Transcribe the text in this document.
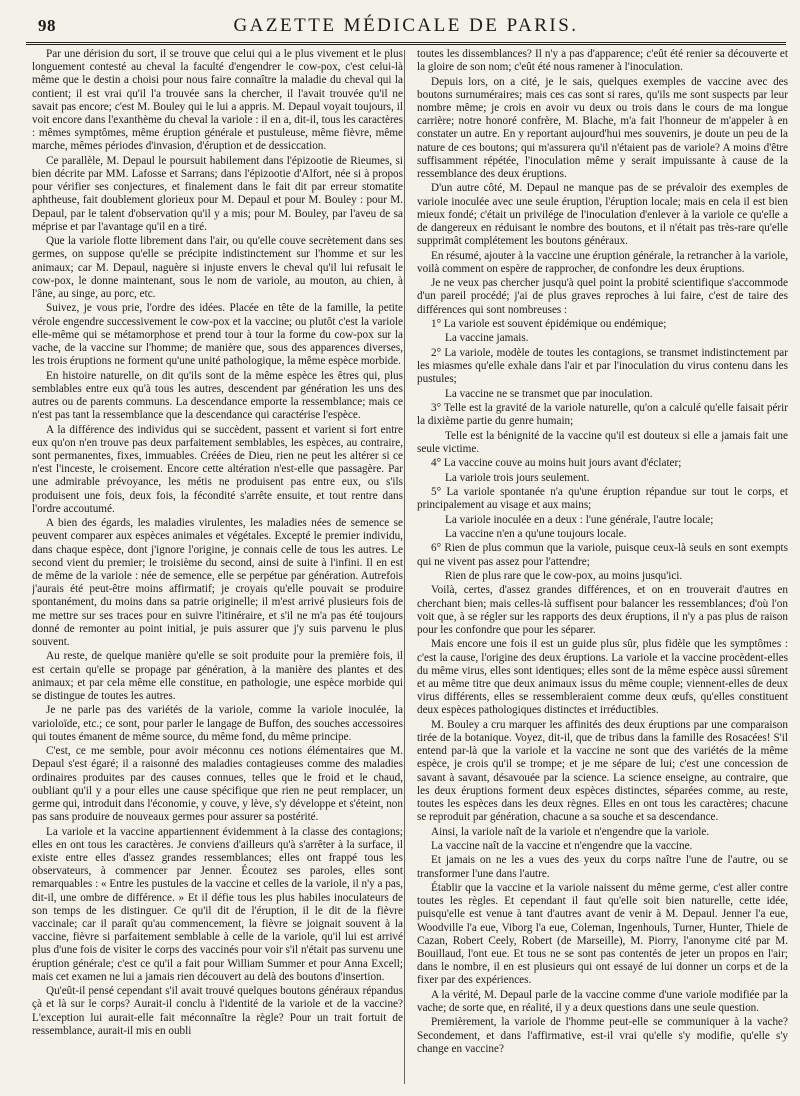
98	GAZETTE MÉDICALE DE PARIS.

Par une dérision du sort, il se trouve que celui qui a le plus vivement et le plus longuement contesté au cheval la faculté d'engendrer le cow-pox, c'est celui-là même que le destin a choisi pour nous faire connaître la maladie du cheval qui la contient; il est vrai qu'il l'a trouvée sans la chercher, il l'avait trouvée qu'il ne savait pas encore; c'est M. Bouley qui le lui a appris. M. Depaul voyait toujours, il voit encore dans l'exanthème du cheval la variole : il en a, dit-il, tous les caractères : mêmes symptômes, même éruption générale et pustuleuse, même fièvre, même marche, mêmes périodes d'invasion, d'éruption et de dessiccation.

Ce parallèle, M. Depaul le poursuit habilement dans l'épizootie de Rieumes, si bien décrite par MM. Lafosse et Sarrans; dans l'épizootie d'Alfort, née si à propos pour vérifier ses conjectures, et finalement dans le fait dit par erreur stomatite aphtheuse, fait doublement glorieux pour M. Depaul et pour M. Bouley : pour M. Depaul, par le talent d'observation qu'il y a mis; pour M. Bouley, par l'aveu de sa méprise et par l'avantage qu'il en a tiré.

Que la variole flotte librement dans l'air, ou qu'elle couve secrètement dans ses germes, on suppose qu'elle se précipite indistinctement sur l'homme et sur les animaux; car M. Depaul, naguère si injuste envers le cheval qu'il lui refusait le cow-pox, le donne maintenant, sous le nom de variole, au mouton, au chien, à l'âne, au singe, au porc, etc.

Suivez, je vous prie, l'ordre des idées. Placée en tête de la famille, la petite vérole engendre successivement le cow-pox et la vaccine; ou plutôt c'est la variole elle-même qui se métamorphose et prend tour à tour la forme du cow-pox sur la vache, de la vaccine sur l'homme; de manière que, sous des apparences diverses, les trois éruptions ne forment qu'une unité pathologique, la même espèce morbide.

En histoire naturelle, on dit qu'ils sont de la même espèce les êtres qui, plus semblables entre eux qu'à tous les autres, descendent par génération les uns des autres ou de parents communs. La descendance emporte la ressemblance; mais ce n'est pas tant la ressemblance que la descendance qui caractérise l'espèce.

A la différence des individus qui se succèdent, passent et varient si fort entre eux qu'on n'en trouve pas deux parfaitement semblables, les espèces, au contraire, sont permanentes, fixes, immuables. Créées de Dieu, rien ne peut les altérer si ce n'est l'inceste, le croisement. Encore cette altération n'est-elle que passagère. Par une admirable prévoyance, les métis ne produisent pas entre eux, ou s'ils produisent une fois, deux fois, la fécondité s'arrête ensuite, et tout rentre dans l'ordre accoutumé.

A bien des égards, les maladies virulentes, les maladies nées de semence se peuvent comparer aux espèces animales et végétales. Excepté le premier individu, dans chaque espèce, dont j'ignore l'origine, je connais celle de tous les autres. Le second vient du premier; le troisième du second, ainsi de suite à l'infini. Il en est de même de la variole : née de semence, elle se perpétue par génération. Autrefois j'aurais été peut-être moins affirmatif; je croyais qu'elle pouvait se produire spontanément, du moins dans sa patrie originelle; il m'est arrivé plusieurs fois de me mettre sur ses traces pour en suivre l'itinéraire, et s'il ne m'a pas été toujours donné de remonter au point initial, je puis assurer que j'y suis parvenu le plus souvent.

Au reste, de quelque manière qu'elle se soit produite pour la première fois, il est certain qu'elle se propage par génération, à la manière des plantes et des animaux; et par cela même elle constitue, en pathologie, une espèce morbide qui se distingue de toutes les autres.

Je ne parle pas des variétés de la variole, comme la variole inoculée, la varioloïde, etc.; ce sont, pour parler le langage de Buffon, des souches accessoires qui toutes émanent de même source, du même fond, du même principe.

C'est, ce me semble, pour avoir méconnu ces notions élémentaires que M. Depaul s'est égaré; il a raisonné des maladies contagieuses comme des maladies ordinaires produites par des causes connues, telles que le froid et le chaud, oubliant qu'il y a pour elles une cause spécifique que rien ne peut remplacer, un germe qui, introduit dans l'économie, y couve, y lève, s'y développe et s'éteint, non pas sans produire de nouveaux germes pour assurer sa postérité.

La variole et la vaccine appartiennent évidemment à la classe des contagions; elles en ont tous les caractères. Je conviens d'ailleurs qu'à s'arrêter à la surface, il existe entre elles d'assez grandes ressemblances; elles ont frappé tous les observateurs, à commencer par Jenner. Écoutez ses paroles, elles sont remarquables : « Entre les pustules de la vaccine et celles de la variole, il n'y a pas, dit-il, une ombre de différence. » Et il défie tous les plus habiles inoculateurs de son temps de les distinguer. Ce qu'il dit de l'éruption, il le dit de la fièvre vaccinale; car il paraît qu'au commencement, la fièvre se joignait souvent à la vaccine, fièvre si parfaitement semblable à celle de la variole, qu'il lui est arrivé plus d'une fois de visiter le corps des vaccinés pour voir s'il n'était pas survenu une éruption générale; c'est ce qu'il a fait pour William Summer et pour Anna Excell; mais cet examen ne lui a jamais rien découvert au delà des boutons d'insertion.

Qu'eût-il pensé cependant s'il avait trouvé quelques boutons généraux répandus çà et là sur le corps? Aurait-il conclu à l'identité de la variole et de la vaccine? L'exception lui aurait-elle fait méconnaître la règle? Pour un trait fortuit de ressemblance, aurait-il mis en oubli

toutes les dissemblances? Il n'y a pas d'apparence; c'eût été renier sa découverte et la gloire de son nom; c'eût été nous ramener à l'inoculation.

Depuis lors, on a cité, je le sais, quelques exemples de vaccine avec des boutons surnuméraires; mais ces cas sont si rares, qu'ils me sont suspects par leur nombre même; je crois en avoir vu deux ou trois dans le cours de ma longue carrière; notre honoré confrère, M. Blache, m'a fait l'honneur de m'appeler à en constater un autre. En y reportant aujourd'hui mes souvenirs, je doute un peu de la nature de ces boutons; qui m'assurera qu'il n'étaient pas de variole? A moins d'être suffisamment répétée, l'inoculation même y serait impuissante à cause de la ressemblance des deux éruptions.

D'un autre côté, M. Depaul ne manque pas de se prévaloir des exemples de variole inoculée avec une seule éruption, l'éruption locale; mais en cela il est bien mieux fondé; c'était un privilége de l'inoculation d'enlever à la variole ce qu'elle a de dangereux en réduisant le nombre des boutons, et il n'était pas très-rare qu'elle supprimât complétement les boutons généraux.

En résumé, ajouter à la vaccine une éruption générale, la retrancher à la variole, voilà comment on espère de rapprocher, de confondre les deux éruptions.

Je ne veux pas chercher jusqu'à quel point la probité scientifique s'accommode d'un pareil procédé; j'ai de plus graves reproches à lui faire, c'est de taire des différences qui sont nombreuses :

1° La variole est souvent épidémique ou endémique;

La vaccine jamais.

2° La variole, modèle de toutes les contagions, se transmet indistinctement par les miasmes qu'elle exhale dans l'air et par l'inoculation du virus contenu dans les pustules;

La vaccine ne se transmet que par inoculation.

3° Telle est la gravité de la variole naturelle, qu'on a calculé qu'elle faisait périr la dixième partie du genre humain;

Telle est la bénignité de la vaccine qu'il est douteux si elle a jamais fait une seule victime.

4° La vaccine couve au moins huit jours avant d'éclater;

La variole trois jours seulement.

5° La variole spontanée n'a qu'une éruption répandue sur tout le corps, et principalement au visage et aux mains;

La variole inoculée en a deux : l'une générale, l'autre locale;

La vaccine n'en a qu'une toujours locale.

6° Rien de plus commun que la variole, puisque ceux-là seuls en sont exempts qui ne vivent pas assez pour l'attendre;

Rien de plus rare que le cow-pox, au moins jusqu'ici.

Voilà, certes, d'assez grandes différences, et on en trouverait d'autres en cherchant bien; mais celles-là suffisent pour balancer les ressemblances; d'où l'on voit que, à se régler sur les rapports des deux éruptions, il n'y a pas plus de raison pour les confondre que pour les séparer.

Mais encore une fois il est un guide plus sûr, plus fidèle que les symptômes : c'est la cause, l'origine des deux éruptions. La variole et la vaccine procèdent-elles du même virus, elles sont identiques; elles sont de la même espèce aussi sûrement et au même titre que deux animaux issus du même couple; viennent-elles de deux virus différents, elles se ressembleraient comme deux œufs, qu'elles constituent deux espèces pathologiques distinctes et irréductibles.

M. Bouley a cru marquer les affinités des deux éruptions par une comparaison tirée de la botanique. Voyez, dit-il, que de tribus dans la famille des Rosacées! S'il entend par-là que la variole et la vaccine ne sont que des variétés de la même espèce, je crois qu'il se trompe; et je me sépare de lui; c'est une concession de savant à savant, désavouée par la science. La science enseigne, au contraire, que les deux éruptions forment deux espèces distinctes, séparées comme, au reste, toutes les espèces dans les deux règnes. Elles en ont tous les caractères; chacune se reproduit par génération, chacune a sa souche et sa descendance.

Ainsi, la variole naît de la variole et n'engendre que la variole.

La vaccine naît de la vaccine et n'engendre que la vaccine.

Et jamais on ne les a vues des yeux du corps naître l'une de l'autre, ou se transformer l'une dans l'autre.

Établir que la vaccine et la variole naissent du même germe, c'est aller contre toutes les règles. Et cependant il faut qu'elle soit bien naturelle, cette idée, puisqu'elle est venue à tant d'autres avant de venir à M. Depaul. Jenner l'a eue, Woodville l'a eue, Viborg l'a eue, Coleman, Ingenhouls, Turner, Hunter, Thiele de Cazan, Robert Ceely, Robert (de Marseille), M. Piorry, l'anonyme cité par M. Bouillaud, l'ont eue. Et tous ne se sont pas contentés de jeter un propos en l'air; dans le nombre, il en est plusieurs qui ont essayé de lui donner un corps et de la fixer par des expériences.

A la vérité, M. Depaul parle de la vaccine comme d'une variole modifiée par la vache; de sorte que, en réalité, il y a deux questions dans une seule question.

Premièrement, la variole de l'homme peut-elle se communiquer à la vache? Secondement, et dans l'affirmative, est-il vrai qu'elle s'y modifie, qu'elle s'y change en vaccine?
